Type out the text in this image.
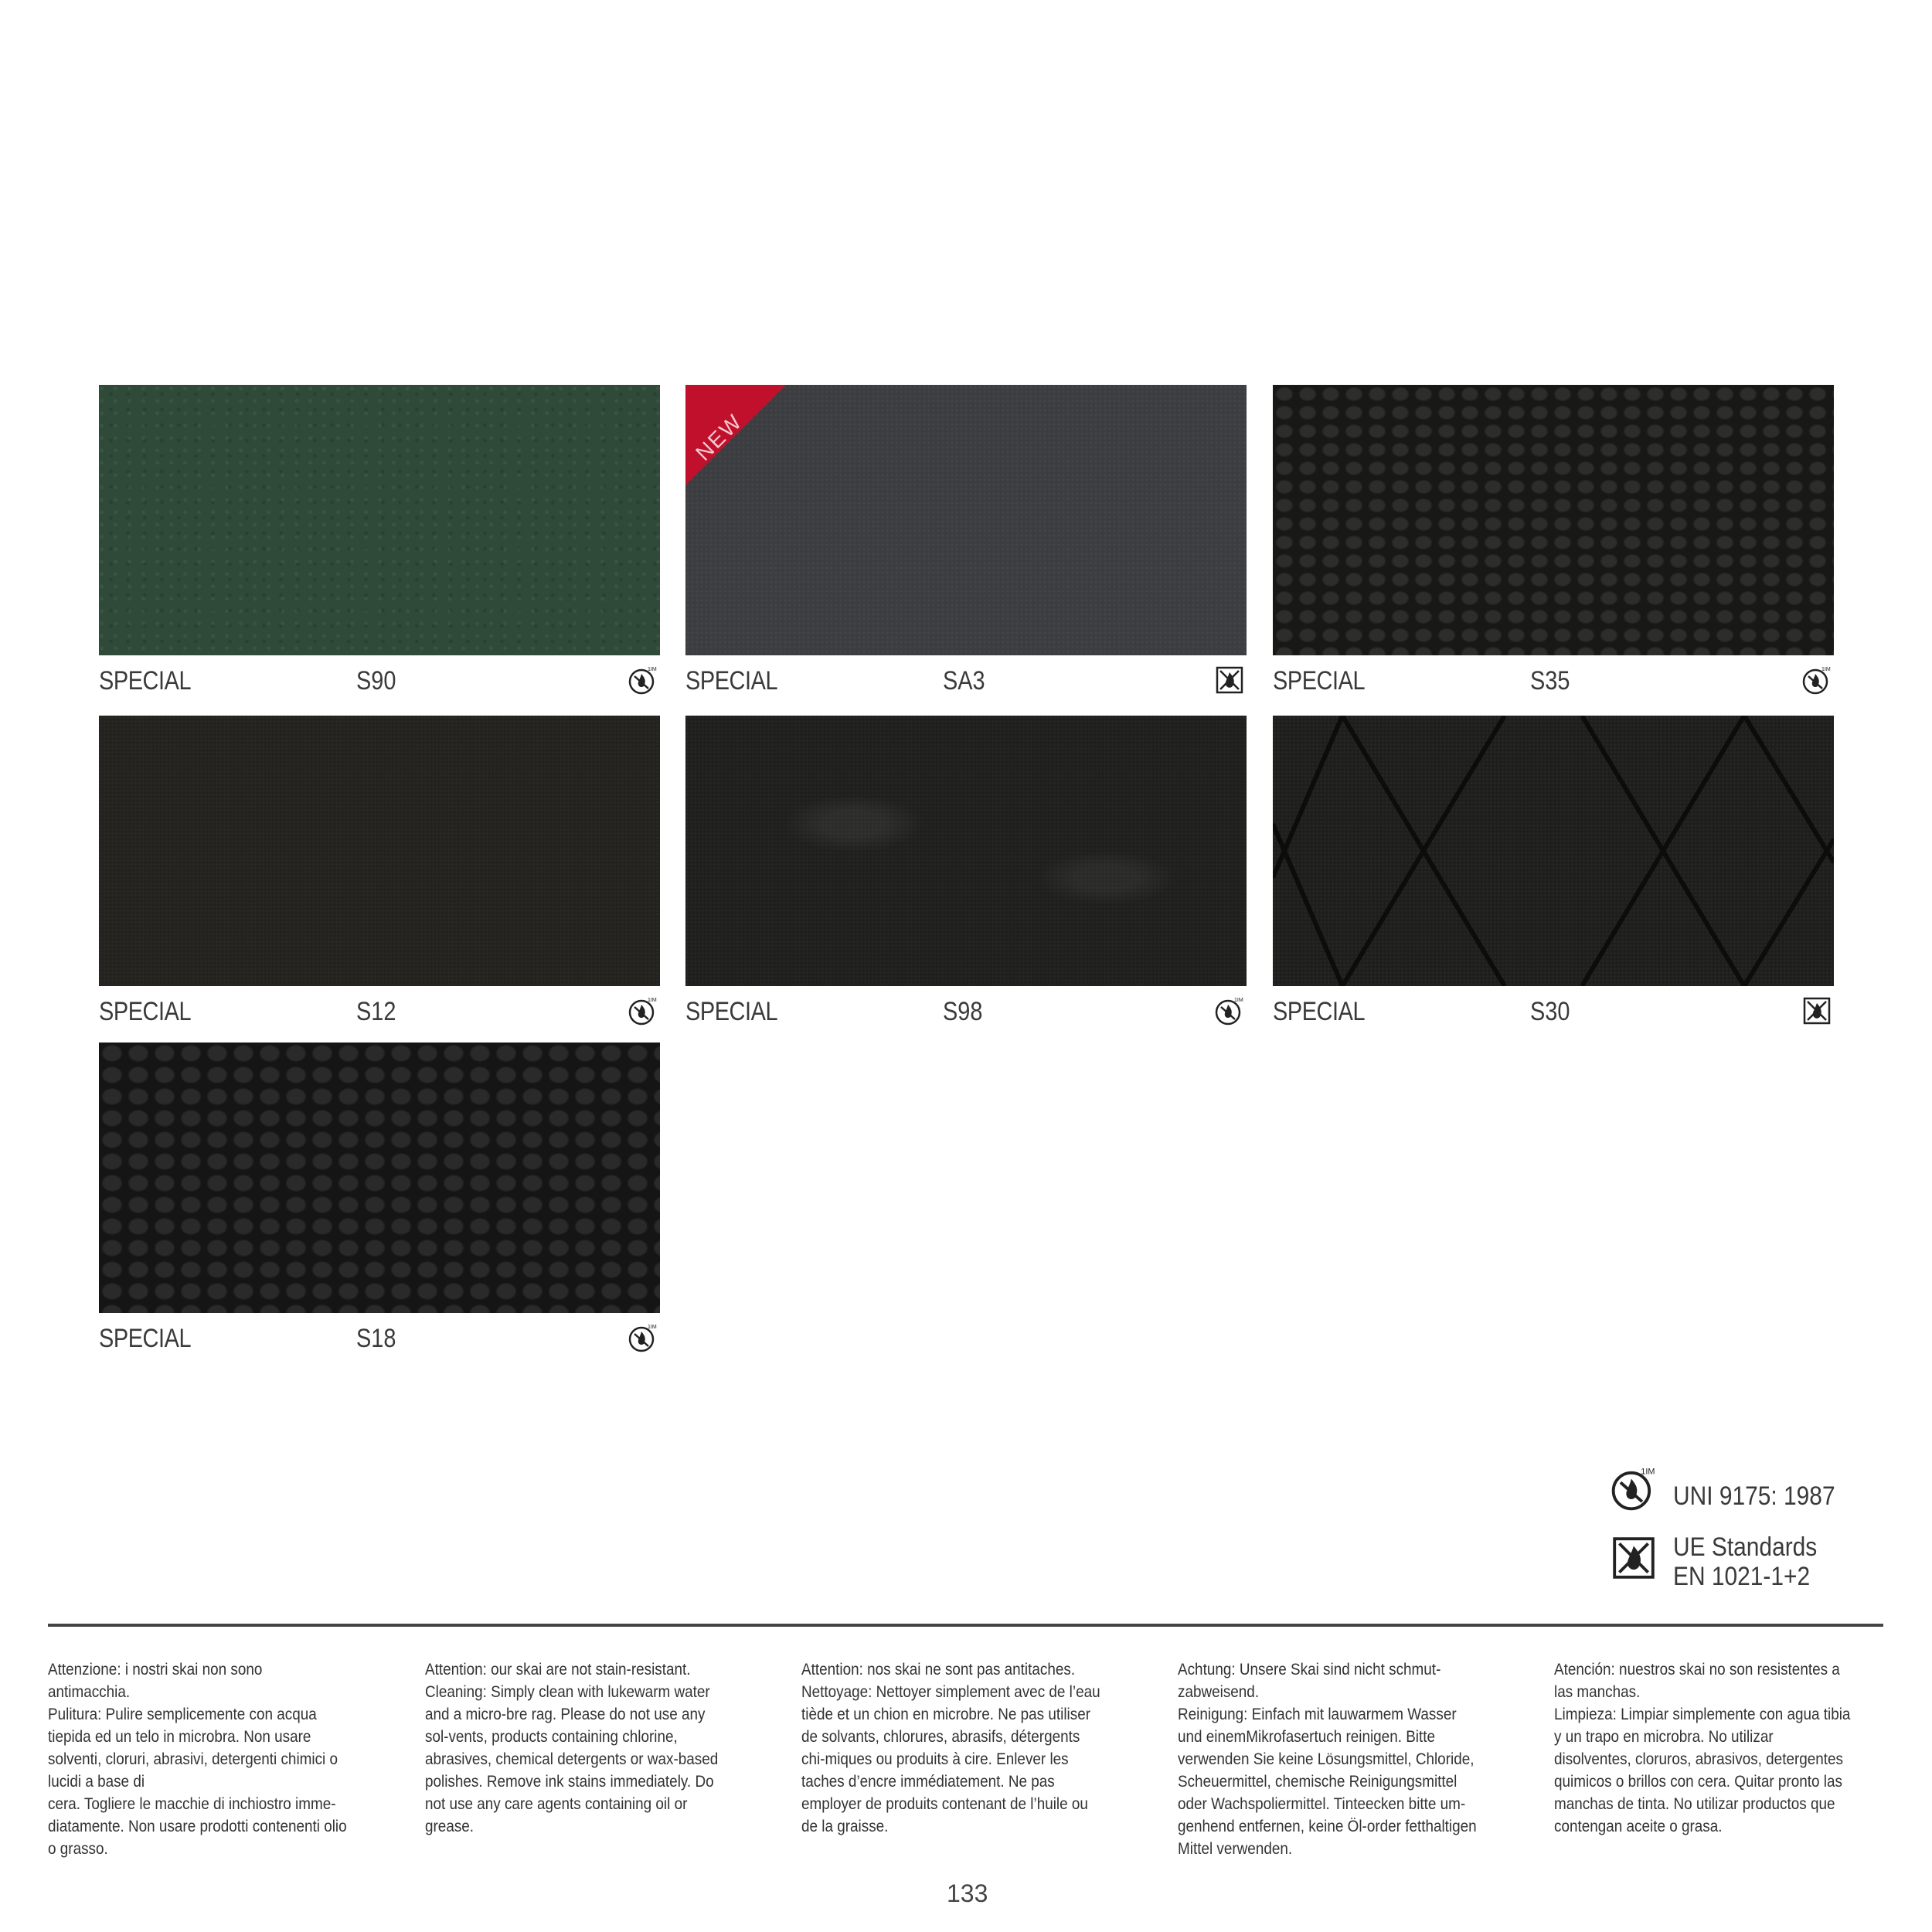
SPECIAL	S90	1IM
NEW
SPECIAL	SA3	SPECIAL	S35	1IM
SPECIAL	S12	1IM SPECIAL	S98	1IM SPECIAL	S30
SPECIAL	S18	1IM
1IM
UNI 9175: 1987
UE Standards
EN 1021-1+2
Attenzione: i nostri skai non sono antimacchia.
Pulitura: Pulire semplicemente con acqua tiepida ed un telo in microbra. Non usare solventi, cloruri, abrasivi, detergenti chimici o lucidi a base di
cera. Togliere le macchie di inchiostro imme-diatamente. Non usare prodotti contenenti olio o grasso.
Attention: our skai are not stain-resistant.
Cleaning: Simply clean with lukewarm water and a micro-bre rag. Please do not use any sol-vents, products containing chlorine, abrasives, chemical detergents or wax-based polishes. Remove ink stains immediately. Do not use any care agents containing oil or grease.
Attention: nos skai ne sont pas antitaches.
Nettoyage: Nettoyer simplement avec de l’eau tiède et un chion en microbre. Ne pas utiliser de solvants, chlorures, abrasifs, détergents chi-miques ou produits à cire. Enlever les taches d’encre immédiatement. Ne pas employer de produits contenant de l’huile ou de la graisse.
Achtung: Unsere Skai sind nicht schmut-zabweisend.
Reinigung: Einfach mit lauwarmem Wasser und einemMikrofasertuch reinigen. Bitte verwenden Sie keine Lösungsmittel, Chloride, Scheuermittel, chemische Reinigungsmittel oder Wachspoliermittel. Tinteecken bitte um-genhend entfernen, keine Öl-order fetthaltigen Mittel verwenden.
Atención: nuestros skai no son resistentes a las manchas.
Limpieza: Limpiar simplemente con agua tibia y un trapo en microbra. No utilizar disolventes, cloruros, abrasivos, detergentes quimicos o brillos con cera. Quitar pronto las manchas de tinta. No utilizar productos que contengan aceite o grasa.
133
